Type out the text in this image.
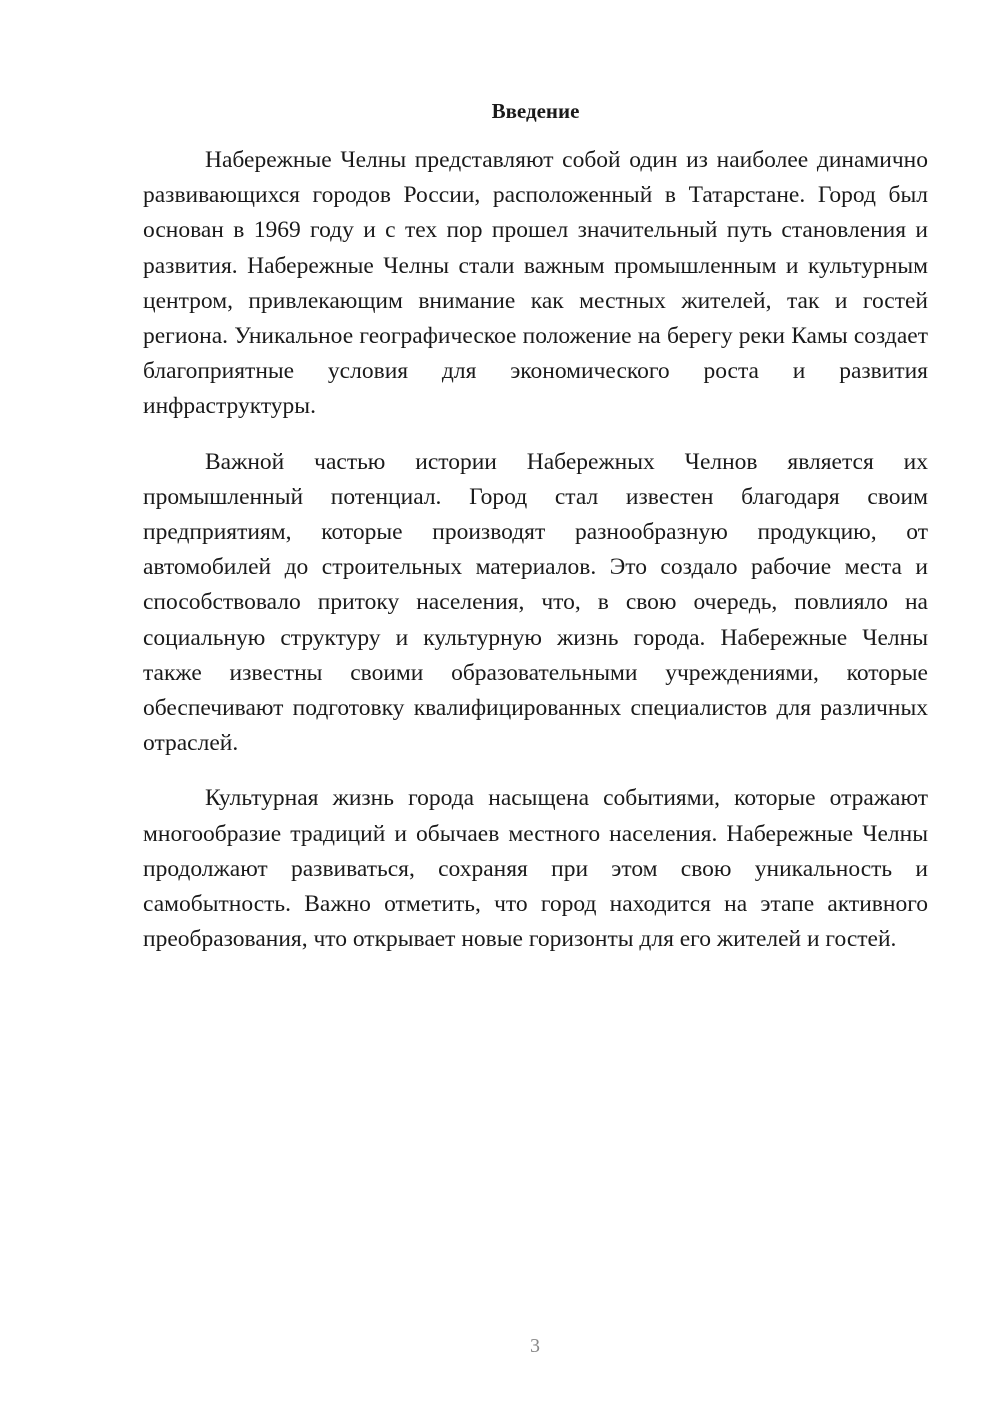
Введение

Набережные Челны представляют собой один из наиболее динамично развивающихся городов России, расположенный в Татарстане. Город был основан в 1969 году и с тех пор прошел значительный путь становления и развития. Набережные Челны стали важным промышленным и культурным центром, привлекающим внимание как местных жителей, так и гостей региона. Уникальное географическое положение на берегу реки Камы создает благоприятные условия для экономического роста и развития инфраструктуры.

Важной частью истории Набережных Челнов является их промышленный потенциал. Город стал известен благодаря своим предприятиям, которые производят разнообразную продукцию, от автомобилей до строительных материалов. Это создало рабочие места и способствовало притоку населения, что, в свою очередь, повлияло на социальную структуру и культурную жизнь города. Набережные Челны также известны своими образовательными учреждениями, которые обеспечивают подготовку квалифицированных специалистов для различных отраслей.

Культурная жизнь города насыщена событиями, которые отражают многообразие традиций и обычаев местного населения. Набережные Челны продолжают развиваться, сохраняя при этом свою уникальность и самобытность. Важно отметить, что город находится на этапе активного преобразования, что открывает новые горизонты для его жителей и гостей.

3
